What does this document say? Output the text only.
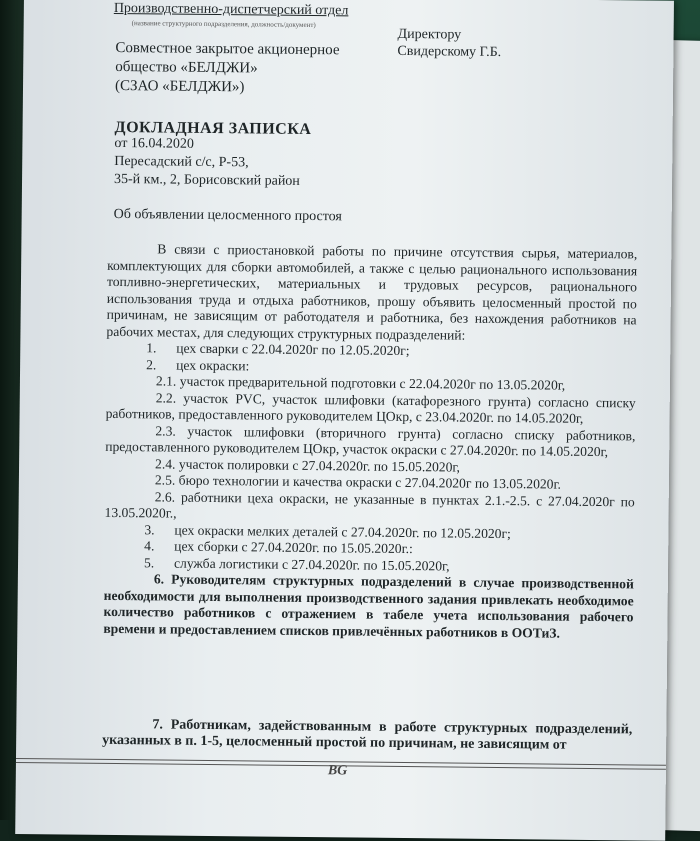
Производственно-диспетчерский отдел
(название структурного подразделения, должность/документ)
Директору
Свидерскому Г.Б.
Совместное закрытое акционерное
общество «БЕЛДЖИ»
(СЗАО «БЕЛДЖИ»)
ДОКЛАДНАЯ ЗАПИСКА
от 16.04.2020
Пересадский с/с, Р-53,
35-й км., 2, Борисовский район
Об объявлении целосменного простоя

В связи с приостановкой работы по причине отсутствия сырья, материалов, комплектующих для сборки автомобилей, а также с целью рационального использования топливно-энергетических, материальных и трудовых ресурсов, рационального использования труда и отдыха работников, прошу объявить целосменный простой по причинам, не зависящим от работодателя и работника, без нахождения работников на рабочих местах, для следующих структурных подразделений:

1.	цех сварки с 22.04.2020г по 12.05.2020г;

2.	цех окраски:

2.1. участок предварительной подготовки с 22.04.2020г по 13.05.2020г,

2.2. участок PVC, участок шлифовки (катафорезного грунта) согласно списку работников, предоставленного руководителем ЦОкр, с 23.04.2020г. по 14.05.2020г,

2.3. участок шлифовки (вторичного грунта) согласно списку работников, предоставленного руководителем ЦОкр, участок окраски с 27.04.2020г. по 14.05.2020г,

2.4. участок полировки с 27.04.2020г. по 15.05.2020г,

2.5. бюро технологии и качества окраски с 27.04.2020г по 13.05.2020г.

2.6. работники цеха окраски, не указанные в пунктах 2.1.-2.5. с 27.04.2020г по 13.05.2020г.,

3.	цех окраски мелких деталей с 27.04.2020г. по 12.05.2020г;

4.	цех сборки с 27.04.2020г. по 15.05.2020г.:

5.	служба логистики с 27.04.2020г. по 15.05.2020г,

6. Руководителям структурных подразделений в случае производственной необходимости для выполнения производственного задания привлекать необходимое количество работников с отражением в табеле учета использования рабочего времени и предоставлением списков привлечённых работников в ООТиЗ.

7. Работникам, задействованным в работе структурных подразделений, указанных в п. 1-5, целосменный простой по причинам, не зависящим от

BG
